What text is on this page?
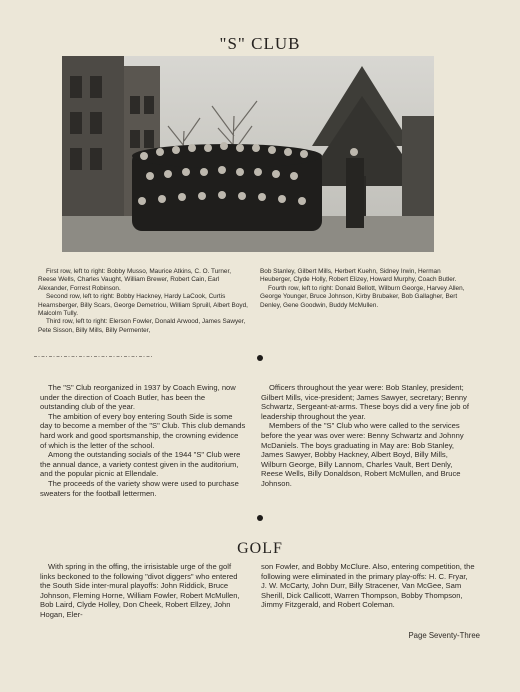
"S" CLUB

First row, left to right: Bobby Musso, Maurice Atkins, C. O. Turner, Reese Wells, Charles Vaught, William Brewer, Robert Cain, Earl Alexander, Forrest Robinson.

Second row, left to right: Bobby Hackney, Hardy LaCook, Curtis Hearnsberger, Billy Scars, George Demetriou, William Spruill, Albert Boyd, Malcolm Tully.

Third row, left to right: Elerson Fowler, Donald Arwood, James Sawyer, Pete Sisson, Billy Mills, Billy Permenter,

Bob Stanley, Gilbert Mills, Herbert Kuehn, Sidney Irwin, Herman Heuberger, Clyde Holly, Robert Elizey, Howard Murphy, Coach Butler.

Fourth row, left to right: Donald Bellott, Wilburn George, Harvey Allen, George Younger, Bruce Johnson, Kirby Brubaker, Bob Gallagher, Bert Denley, Gene Goodwin, Buddy McMullen.

The "S" Club reorganized in 1937 by Coach Ewing, now under the direction of Coach Butler, has been the outstanding club of the year.

The ambition of every boy entering South Side is some day to become a member of the "S" Club. This club demands hard work and good sportsmanship, the crowning evidence of which is the letter of the school.

Among the outstanding socials of the 1944 "S" Club were the annual dance, a variety contest given in the auditorium, and the popular picnic at Ellendale.

The proceeds of the variety show were used to purchase sweaters for the football lettermen.

Officers throughout the year were: Bob Stanley, president; Gilbert Mills, vice-president; James Sawyer, secretary; Benny Schwartz, Sergeant-at-arms. These boys did a very fine job of leadership throughout the year.

Members of the "S" Club who were called to the services before the year was over were: Benny Schwartz and Johnny McDaniels. The boys graduating in May are: Bob Stanley, James Sawyer, Bobby Hackney, Albert Boyd, Billy Mills, Wilburn George, Billy Lannom, Charles Vault, Bert Denly, Reese Wells, Billy Donaldson, Robert McMullen, and Bruce Johnson.

GOLF

With spring in the offing, the irrisistable urge of the golf links beckoned to the following "divot diggers" who entered the South Side inter-mural playoffs: John Riddick, Bruce Johnson, Fleming Horne, William Fowler, Robert McMullen, Bob Laird, Clyde Holley, Don Cheek, Robert Ellzey, John Hogan, Eler-

son Fowler, and Bobby McClure. Also, entering competition, the following were eliminated in the primary play-offs: H. C. Fryar, J. W. McCarty, John Durr, Billy Stracener, Van McGee, Sam Sherill, Dick Callicott, Warren Thompson, Bobby Thompson, Jimmy Fitzgerald, and Robert Coleman.

Page Seventy-Three
